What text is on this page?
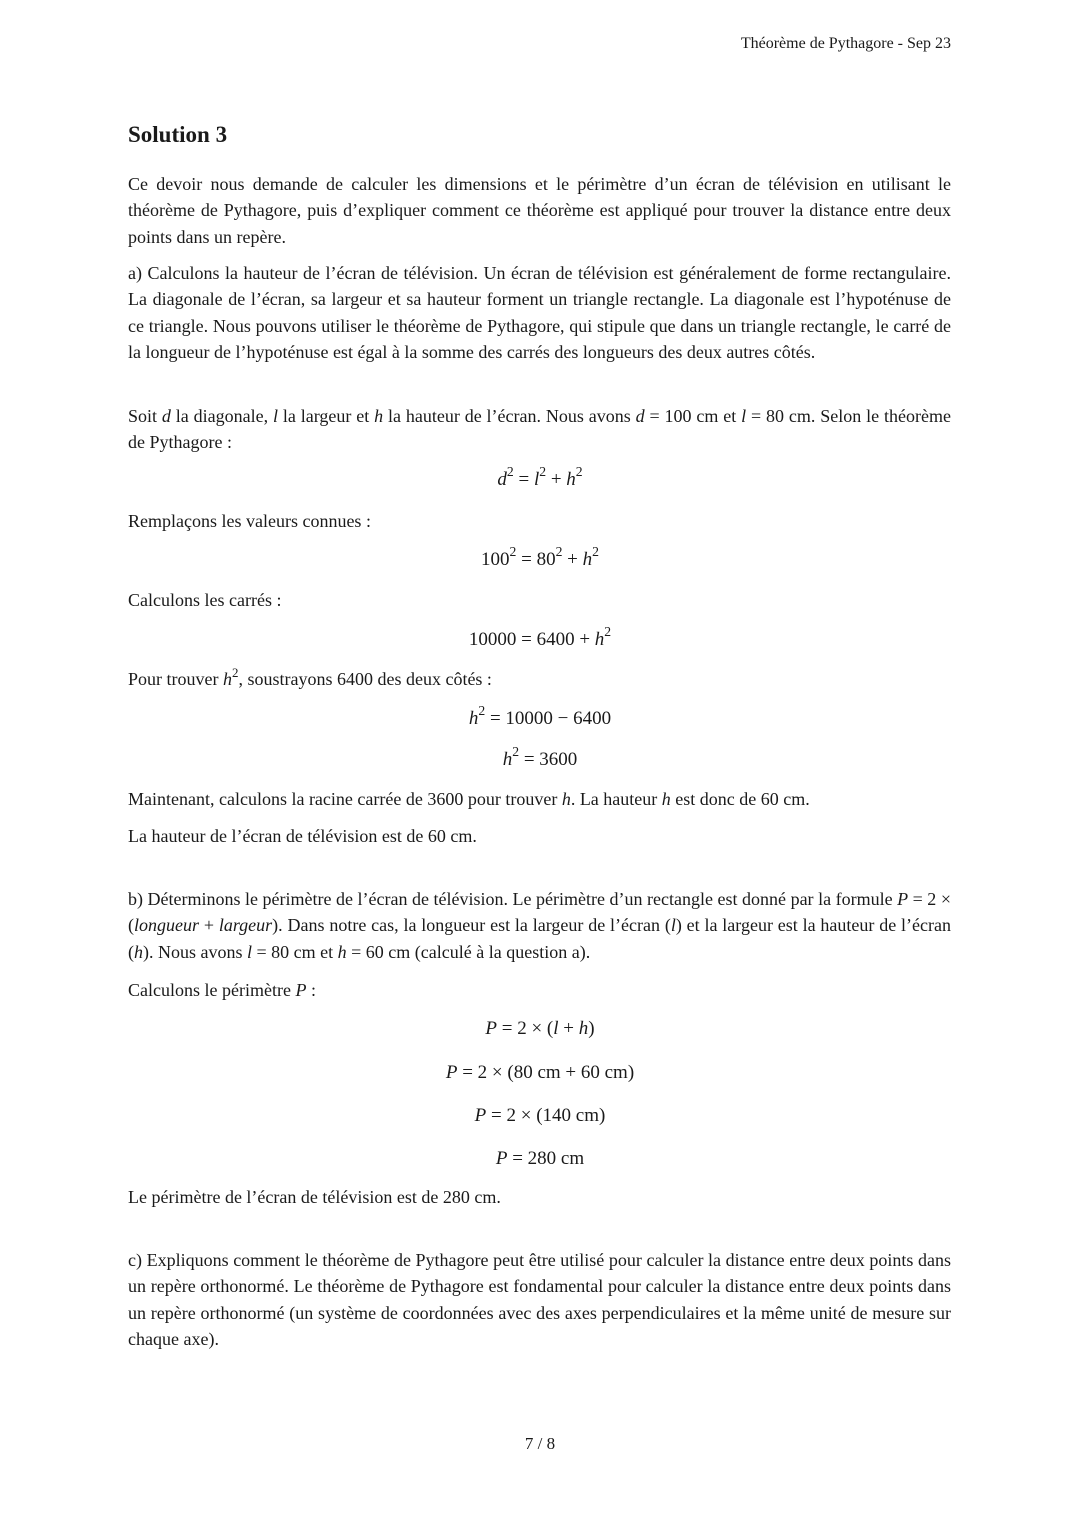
Théorème de Pythagore - Sep 23
Solution 3
Ce devoir nous demande de calculer les dimensions et le périmètre d’un écran de télévision en utilisant le théorème de Pythagore, puis d’expliquer comment ce théorème est appliqué pour trouver la distance entre deux points dans un repère.
a) Calculons la hauteur de l’écran de télévision. Un écran de télévision est généralement de forme rectangulaire. La diagonale de l’écran, sa largeur et sa hauteur forment un triangle rectangle. La diagonale est l’hypoténuse de ce triangle. Nous pouvons utiliser le théorème de Pythagore, qui stipule que dans un triangle rectangle, le carré de la longueur de l’hypoténuse est égal à la somme des carrés des longueurs des deux autres côtés.
Soit d la diagonale, l la largeur et h la hauteur de l’écran. Nous avons d = 100 cm et l = 80 cm. Selon le théorème de Pythagore :
$d^2 = l^2 + h^2$
Remplaçons les valeurs connues :
$100^2 = 80^2 + h^2$
Calculons les carrés :
$10000 = 6400 + h^2$
Pour trouver $h^2$, soustrayons 6400 des deux côtés :
$h^2 = 10000 - 6400$
$h^2 = 3600$
Maintenant, calculons la racine carrée de 3600 pour trouver h. La hauteur h est donc de 60 cm.
La hauteur de l’écran de télévision est de 60 cm.
b) Déterminons le périmètre de l’écran de télévision. Le périmètre d’un rectangle est donné par la formule P = 2 × (longueur + largeur). Dans notre cas, la longueur est la largeur de l’écran (l) et la largeur est la hauteur de l’écran (h). Nous avons l = 80 cm et h = 60 cm (calculé à la question a).
Calculons le périmètre P :
P = 2 × (l + h)
P = 2 × (80 cm + 60 cm)
P = 2 × (140 cm)
P = 280 cm
Le périmètre de l’écran de télévision est de 280 cm.
c) Expliquons comment le théorème de Pythagore peut être utilisé pour calculer la distance entre deux points dans un repère orthonormé. Le théorème de Pythagore est fondamental pour calculer la distance entre deux points dans un repère orthonormé (un système de coordonnées avec des axes perpendiculaires et la même unité de mesure sur chaque axe).
7 / 8
